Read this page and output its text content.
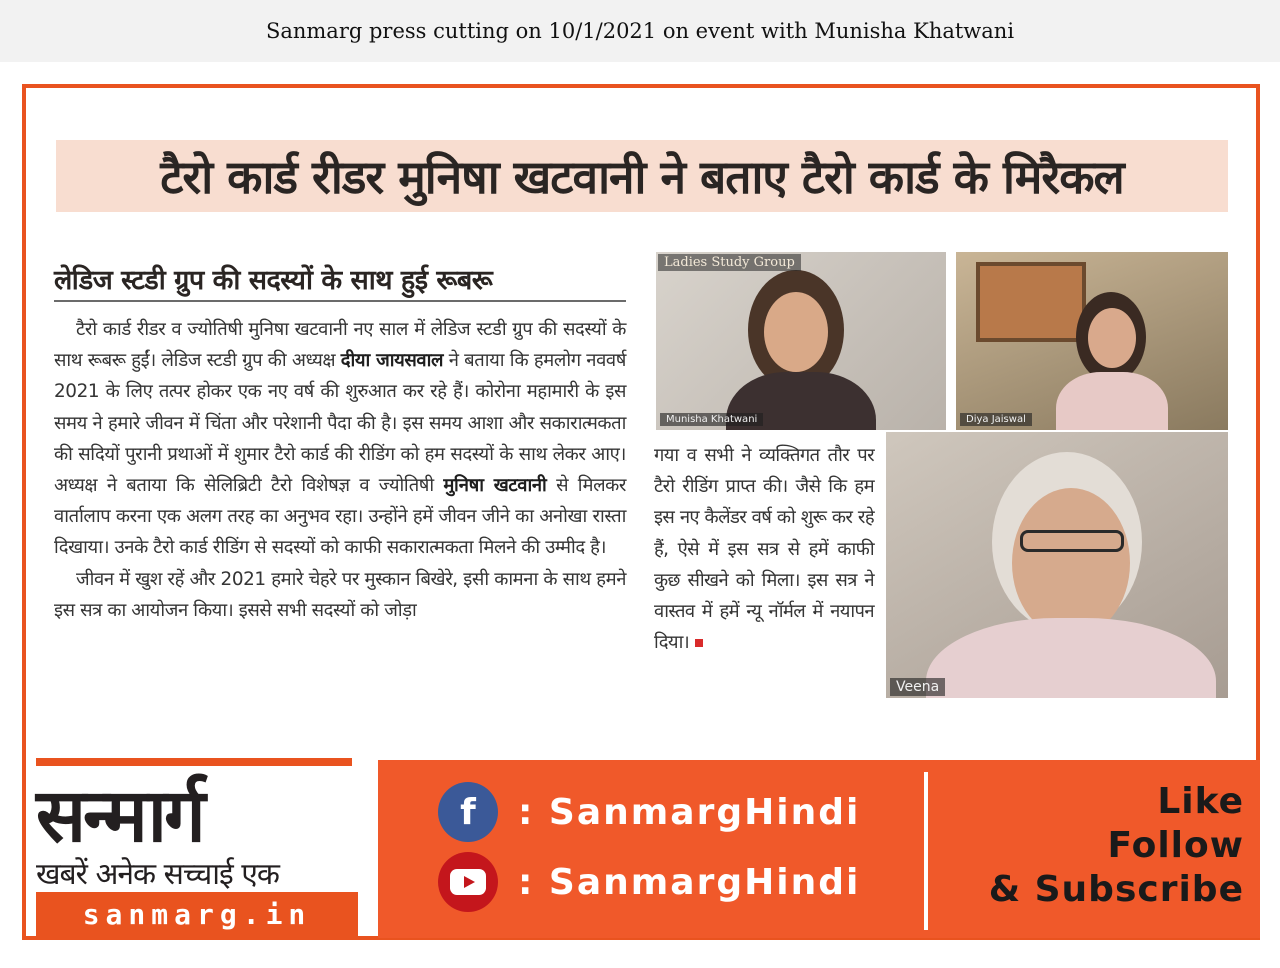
Sanmarg press cutting on 10/1/2021 on event with Munisha Khatwani
टैरो कार्ड रीडर मुनिषा खटवानी ने बताए टैरो कार्ड के मिरैकल
लेडिज स्टडी ग्रुप की सदस्यों के साथ हुई रूबरू

टैरो कार्ड रीडर व ज्योतिषी मुनिषा खटवानी नए साल में लेडिज स्टडी ग्रुप की सदस्यों के साथ रूबरू हुईं। लेडिज स्टडी ग्रुप की अध्यक्ष दीया जायसवाल ने बताया कि हमलोग नववर्ष 2021 के लिए तत्पर होकर एक नए वर्ष की शुरुआत कर रहे हैं। कोरोना महामारी के इस समय ने हमारे जीवन में चिंता और परेशानी पैदा की है। इस समय आशा और सकारात्मकता की सदियों पुरानी प्रथाओं में शुमार टैरो कार्ड की रीडिंग को हम सदस्यों के साथ लेकर आए। अध्यक्ष ने बताया कि सेलिब्रिटी टैरो विशेषज्ञ व ज्योतिषी मुनिषा खटवानी से मिलकर वार्तालाप करना एक अलग तरह का अनुभव रहा। उन्होंने हमें जीवन जीने का अनोखा रास्ता दिखाया। उनके टैरो कार्ड रीडिंग से सदस्यों को काफी सकारात्मकता मिलने की उम्मीद है।

जीवन में खुश रहें और 2021 हमारे चेहरे पर मुस्कान बिखेरे, इसी कामना के साथ हमने इस सत्र का आयोजन किया। इससे सभी सदस्यों को जोड़ा

गया व सभी ने व्यक्तिगत तौर पर टैरो रीडिंग प्राप्त की। जैसे कि हम इस नए कैलेंडर वर्ष को शुरू कर रहे हैं, ऐसे में इस सत्र से हमें काफी कुछ सीखने को मिला। इस सत्र ने वास्तव में हमें न्यू नॉर्मल में नयापन दिया।
Ladies Study Group
Munisha Khatwani	Diya Jaiswal
Veena
सन्मार्ग
खबरें अनेक सच्चाई एक
sanmarg.in
f	: SanmargHindi
: SanmargHindi
Like
Follow
& Subscribe
